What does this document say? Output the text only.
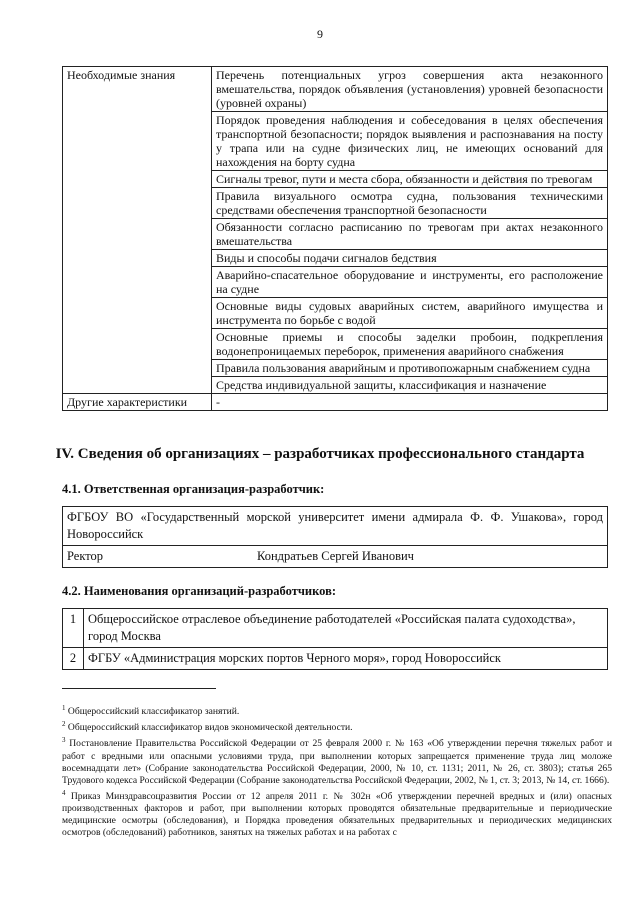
9
Необходимые знания	Перечень потенциальных угроз совершения акта незаконного вмешательства, порядок объявления (установления) уровней безопасности (уровней охраны)
	Порядок проведения наблюдения и собеседования в целях обеспечения транспортной безопасности; порядок выявления и распознавания на посту у трапа или на судне физических лиц, не имеющих оснований для нахождения на борту судна
	Сигналы тревог, пути и места сбора, обязанности и действия по тревогам
	Правила визуального осмотра судна, пользования техническими средствами обеспечения транспортной безопасности
	Обязанности согласно расписанию по тревогам при актах незаконного вмешательства
	Виды и способы подачи сигналов бедствия
	Аварийно-спасательное оборудование и инструменты, его расположение на судне
	Основные виды судовых аварийных систем, аварийного имущества и инструмента по борьбе с водой
	Основные приемы и способы заделки пробоин, подкрепления водонепроницаемых переборок, применения аварийного снабжения
	Правила пользования аварийным и противопожарным снабжением судна
	Средства индивидуальной защиты, классификация и назначение
Другие характеристики	-
IV. Сведения об организациях – разработчиках профессионального стандарта
4.1. Ответственная организация-разработчик:
ФГБОУ ВО «Государственный морской университет имени адмирала Ф. Ф. Ушакова», город Новороссийск

Ректор	Кондратьев Сергей Иванович
4.2. Наименования организаций-разработчиков:
1	Общероссийское отраслевое объединение работодателей «Российская палата судоходства», город Москва
2	ФГБУ «Администрация морских портов Черного моря», город Новороссийск

$^1$ Общероссийский классификатор занятий.

$^2$ Общероссийский классификатор видов экономической деятельности.

$^3$ Постановление Правительства Российской Федерации от 25 февраля 2000 г. № 163 «Об утверждении перечня тяжелых работ и работ с вредными или опасными условиями труда, при выполнении которых запрещается применение труда лиц моложе восемнадцати лет» (Собрание законодательства Российской Федерации, 2000, № 10, ст. 1131; 2011, № 26, ст. 3803); статья 265 Трудового кодекса Российской Федерации (Собрание законодательства Российской Федерации, 2002, № 1, ст. 3; 2013, № 14, ст. 1666).

$^4$ Приказ Минздравсоцразвития России от 12 апреля 2011 г. № 302н «Об утверждении перечней вредных и (или) опасных производственных факторов и работ, при выполнении которых проводятся обязательные предварительные и периодические медицинские осмотры (обследования), и Порядка проведения обязательных предварительных и периодических медицинских осмотров (обследований) работников, занятых на тяжелых работах и на работах с
